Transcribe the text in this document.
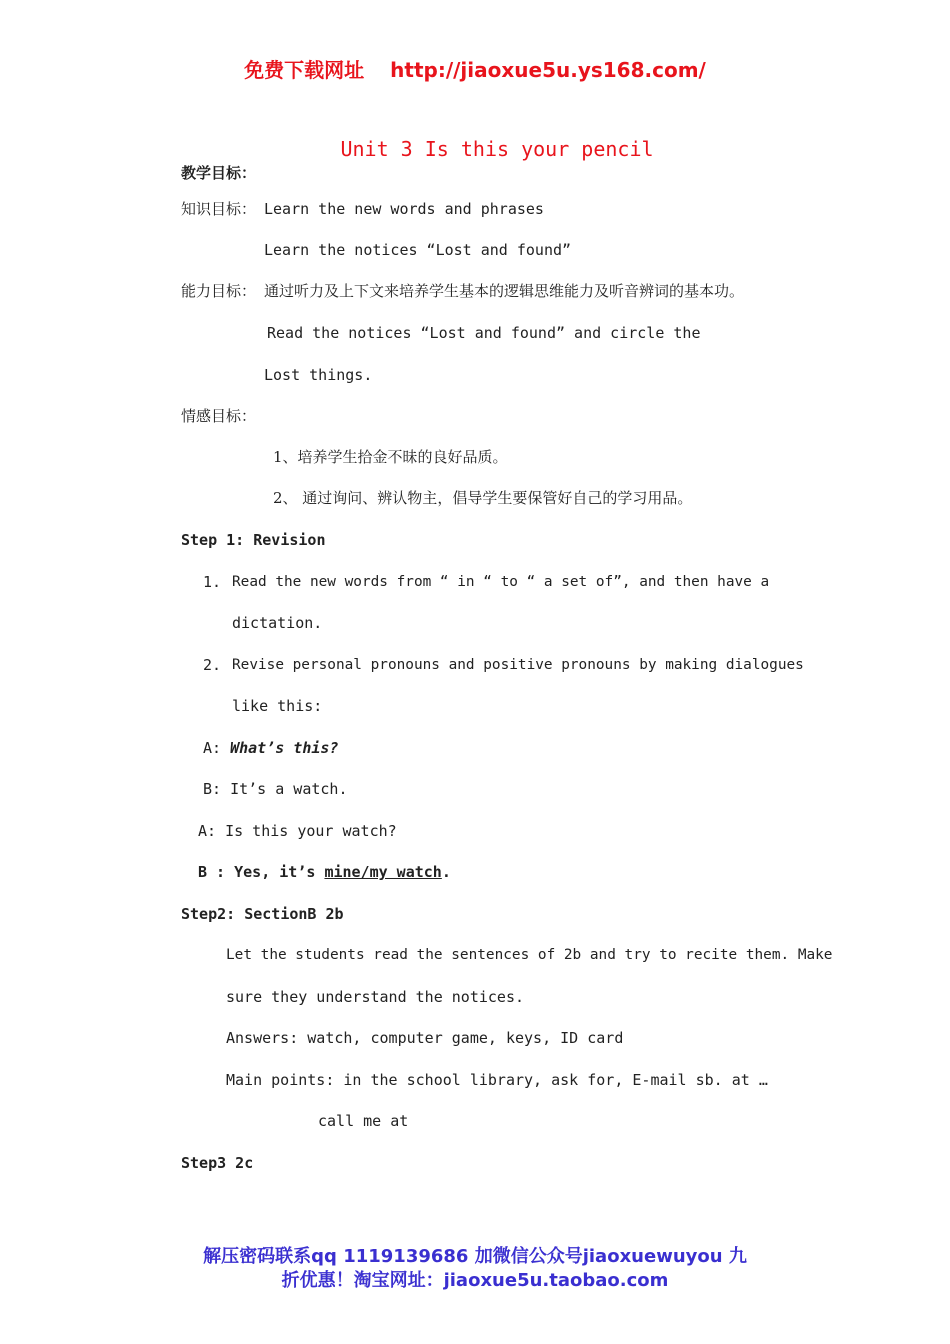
免费下载网址 http://jiaoxue5u.ys168.com/
Unit 3 Is this your pencil
教学目标：
知识目标： Learn the new words and phrases
Learn the notices “Lost and found”
能力目标： 通过听力及上下文来培养学生基本的逻辑思维能力及听音辨词的基本功。
Read the notices “Lost and found” and circle the
Lost things.
情感目标：
1、培养学生拾金不昧的良好品质。
2、 通过询问、辨认物主，倡导学生要保管好自己的学习用品。
Step 1: Revision
1. Read the new words from “ in “ to “ a set of”, and then have a
dictation.
2. Revise personal pronouns and positive pronouns by making dialogues
like this:
A: What’s this?
B: It’s a watch.
A: Is this your watch?
B : Yes, it’s mine/my watch.
Step2: SectionB 2b
Let the students read the sentences of 2b and try to recite them. Make
sure they understand the notices.
Answers: watch, computer game, keys, ID card
Main points: in the school library, ask for, E-mail sb. at …
call me at
Step3 2c
解压密码联系qq 1119139686 加微信公众号jiaoxuewuyou 九
折优惠！淘宝网址：jiaoxue5u.taobao.com
